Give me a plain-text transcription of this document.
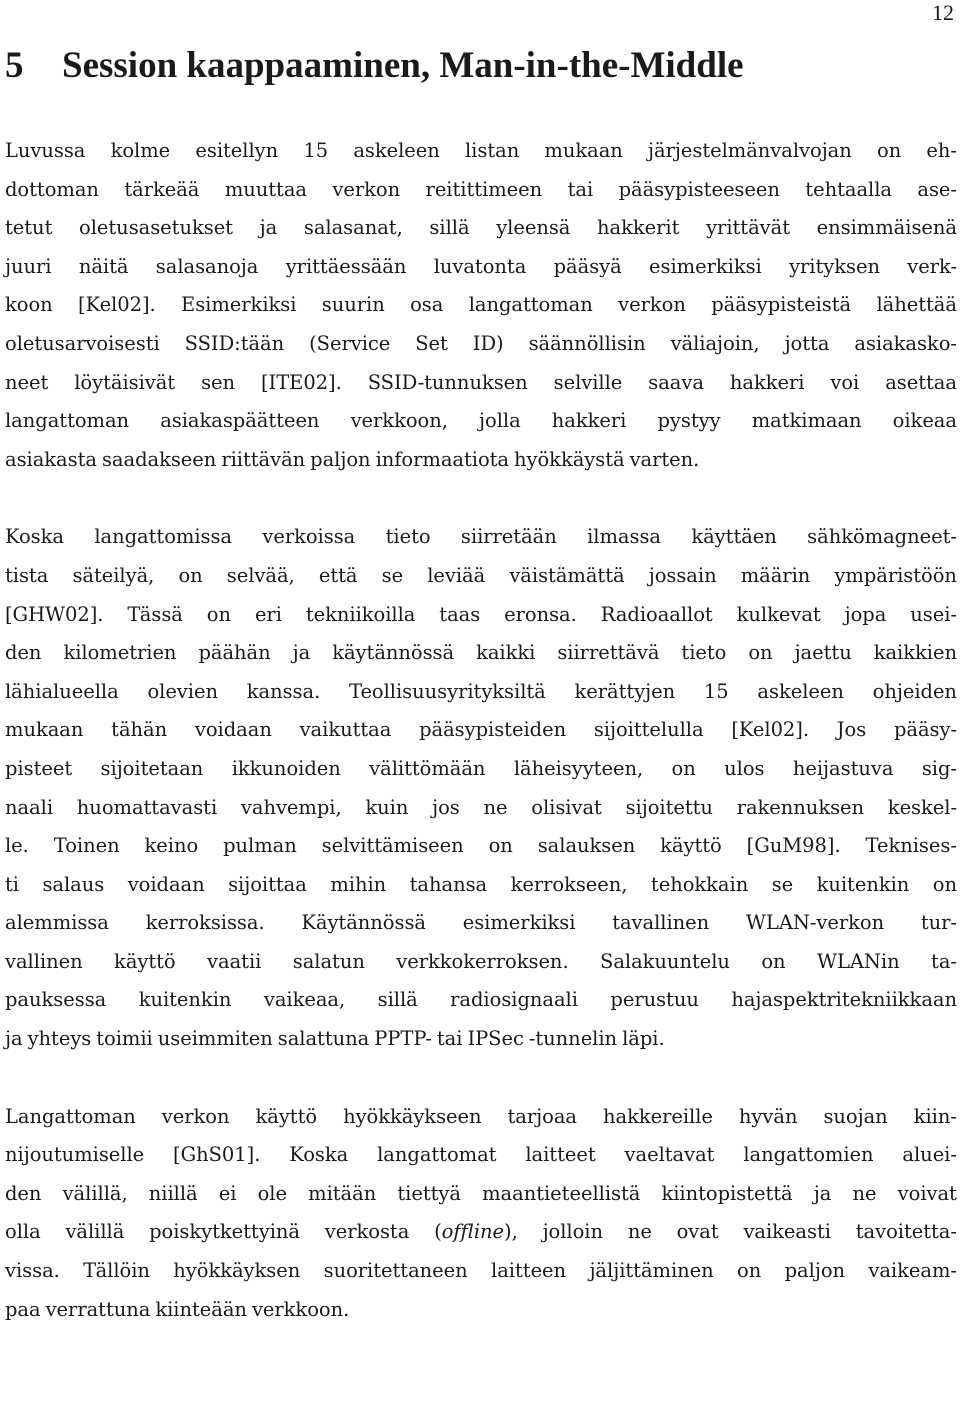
12
5 Session kaappaaminen, Man-in-the-Middle
Luvussa kolme esitellyn 15 askeleen listan mukaan järjestelmänvalvojan on eh-
dottoman tärkeää muuttaa verkon reitittimeen tai pääsypisteeseen tehtaalla ase-
tetut oletusasetukset ja salasanat, sillä yleensä hakkerit yrittävät ensimmäisenä
juuri näitä salasanoja yrittäessään luvatonta pääsyä esimerkiksi yrityksen verk-
koon [Kel02]. Esimerkiksi suurin osa langattoman verkon pääsypisteistä lähettää
oletusarvoisesti SSID:tään (Service Set ID) säännöllisin väliajoin, jotta asiakasko-
neet löytäisivät sen [ITE02]. SSID-tunnuksen selville saava hakkeri voi asettaa
langattoman asiakaspäätteen verkkoon, jolla hakkeri pystyy matkimaan oikeaa
asiakasta saadakseen riittävän paljon informaatiota hyökkäystä varten.
Koska langattomissa verkoissa tieto siirretään ilmassa käyttäen sähkömagneet-
tista säteilyä, on selvää, että se leviää väistämättä jossain määrin ympäristöön
[GHW02]. Tässä on eri tekniikoilla taas eronsa. Radioaallot kulkevat jopa usei-
den kilometrien päähän ja käytännössä kaikki siirrettävä tieto on jaettu kaikkien
lähialueella olevien kanssa. Teollisuusyrityksiltä kerättyjen 15 askeleen ohjeiden
mukaan tähän voidaan vaikuttaa pääsypisteiden sijoittelulla [Kel02]. Jos pääsy-
pisteet sijoitetaan ikkunoiden välittömään läheisyyteen, on ulos heijastuva sig-
naali huomattavasti vahvempi, kuin jos ne olisivat sijoitettu rakennuksen keskel-
le. Toinen keino pulman selvittämiseen on salauksen käyttö [GuM98]. Teknises-
ti salaus voidaan sijoittaa mihin tahansa kerrokseen, tehokkain se kuitenkin on
alemmissa kerroksissa. Käytännössä esimerkiksi tavallinen WLAN-verkon tur-
vallinen käyttö vaatii salatun verkkokerroksen. Salakuuntelu on WLANin ta-
pauksessa kuitenkin vaikeaa, sillä radiosignaali perustuu hajaspektritekniikkaan
ja yhteys toimii useimmiten salattuna PPTP- tai IPSec -tunnelin läpi.
Langattoman verkon käyttö hyökkäykseen tarjoaa hakkereille hyvän suojan kiin-
nijoutumiselle [GhS01]. Koska langattomat laitteet vaeltavat langattomien aluei-
den välillä, niillä ei ole mitään tiettyä maantieteellistä kiintopistettä ja ne voivat
olla välillä poiskytkettyinä verkosta (offline), jolloin ne ovat vaikeasti tavoitetta-
vissa. Tällöin hyökkäyksen suoritettaneen laitteen jäljittäminen on paljon vaikeam-
paa verrattuna kiinteään verkkoon.
